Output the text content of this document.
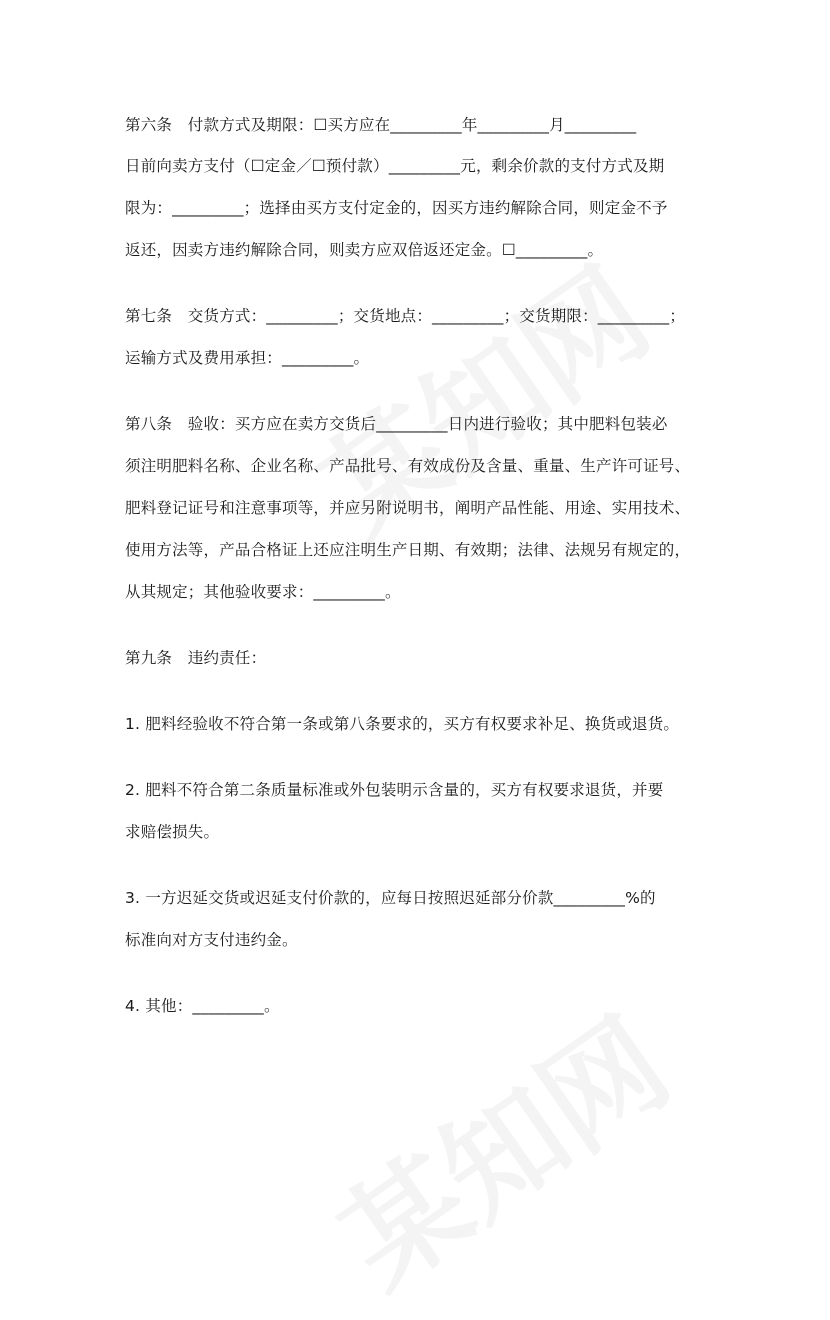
第六条　付款方式及期限：☐买方应在_________年_________月_________
日前向卖方支付（☐定金／☐预付款）_________元，剩余价款的支付方式及期
限为：_________；选择由买方支付定金的，因买方违约解除合同，则定金不予
返还，因卖方违约解除合同，则卖方应双倍返还定金。☐_________。
第七条　交货方式：_________；交货地点：_________；交货期限：_________；
运输方式及费用承担：_________。
第八条　验收：买方应在卖方交货后_________日内进行验收；其中肥料包装必
须注明肥料名称、企业名称、产品批号、有效成份及含量、重量、生产许可证号、
肥料登记证号和注意事项等，并应另附说明书，阐明产品性能、用途、实用技术、
使用方法等，产品合格证上还应注明生产日期、有效期；法律、法规另有规定的，
从其规定；其他验收要求：_________。
第九条　违约责任：
1. 肥料经验收不符合第一条或第八条要求的，买方有权要求补足、换货或退货。
2. 肥料不符合第二条质量标准或外包装明示含量的，买方有权要求退货，并要
求赔偿损失。
3. 一方迟延交货或迟延支付价款的，应每日按照迟延部分价款_________%的
标准向对方支付违约金。
4. 其他：_________。
